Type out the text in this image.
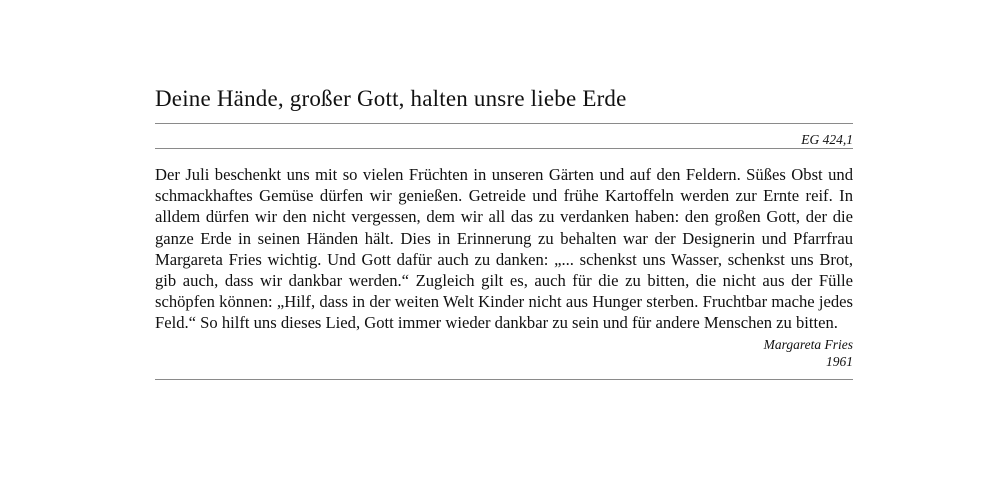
Deine Hände, großer Gott, halten unsre liebe Erde
EG 424,1

Der Juli beschenkt uns mit so vielen Früchten in unseren Gärten und auf den Feldern. Süßes Obst und schmackhaftes Gemüse dürfen wir genießen. Getreide und frühe Kartoffeln werden zur Ernte reif. In alldem dürfen wir den nicht vergessen, dem wir all das zu verdanken haben: den großen Gott, der die ganze Erde in seinen Händen hält. Dies in Erinnerung zu behalten war der Designerin und Pfarrfrau Margareta Fries wichtig. Und Gott dafür auch zu danken: „... schenkst uns Wasser, schenkst uns Brot, gib auch, dass wir dankbar werden.“ Zugleich gilt es, auch für die zu bitten, die nicht aus der Fülle schöpfen können: „Hilf, dass in der weiten Welt Kinder nicht aus Hunger sterben. Fruchtbar mache jedes Feld.“ So hilft uns dieses Lied, Gott immer wieder dankbar zu sein und für andere Menschen zu bitten.

Margareta Fries
1961
